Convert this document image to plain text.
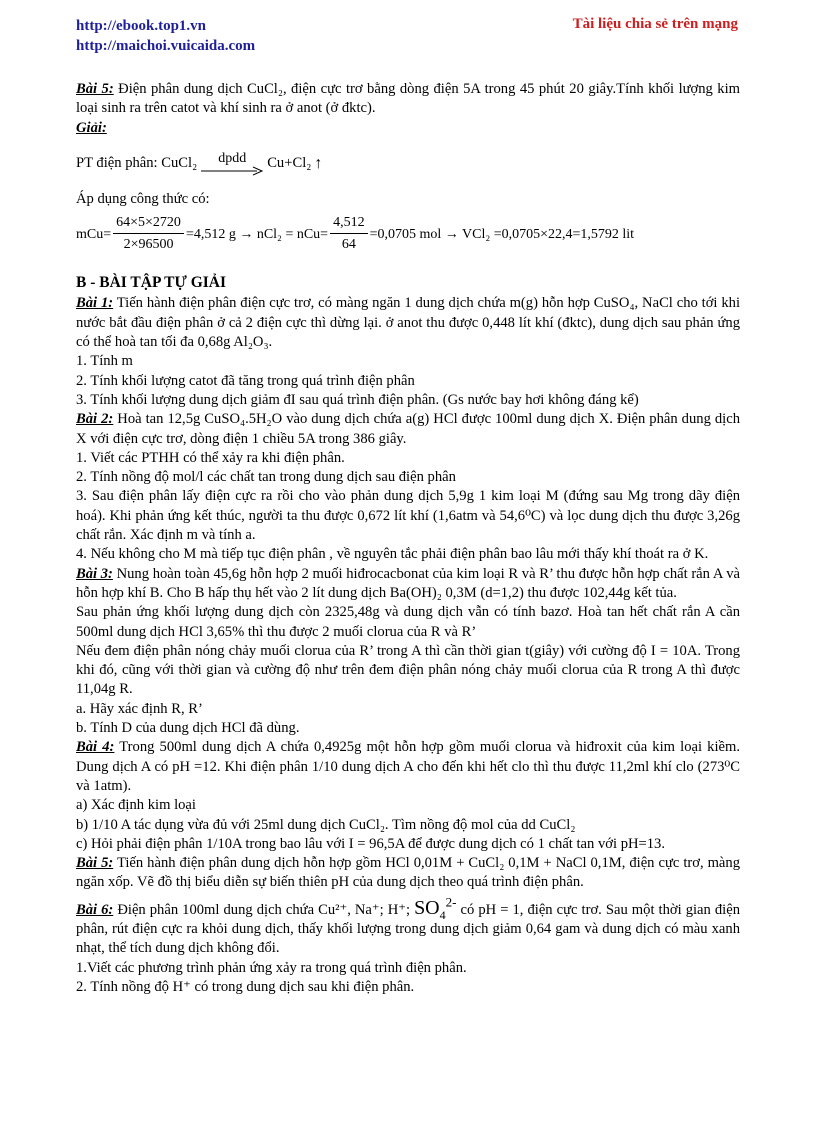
http://ebook.top1.vn
http://maichoi.vuicaida.com
Tài liệu chia sẻ trên mạng

Bài 5: Điện phân dung dịch CuCl₂, điện cực trơ bằng dòng điện 5A trong 45 phút 20 giây.Tính khối lượng kim loại sinh ra trên catot và khí sinh ra ở anot (ở đktc).

Giải:

PT điện phân:
CuCl₂ dpdd Cu+Cl₂ ↑

Áp dụng công thức có:

mCu = $\frac{64\times 5\times 2720}{2\times 96500} =4,512$ $g \to nCl_2 = nCu= \frac{4,512}{64} =0,0705$ mol → VCl₂ =0,0705×22,4=1,5792 lit
B - BÀI TẬP TỰ GIẢI

Bài 1: Tiến hành điện phân điện cực trơ, có màng ngăn 1 dung dịch chứa m(g) hỗn hợp CuSO₄, NaCl cho tới khi nước bắt đầu điện phân ở cả 2 điện cực thì dừng lại. ở anot thu được 0,448 lít khí (đktc), dung dịch sau phản ứng có thể hoà tan tối đa 0,68g Al₂O₃.

1. Tính m

2. Tính khối lượng catot đã tăng trong quá trình điện phân

3. Tính khối lượng dung dịch giảm đI sau quá trình điện phân. (Gs nước bay hơi không đáng kể)

Bài 2: Hoà tan 12,5g CuSO₄.5H₂O vào dung dịch chứa a(g) HCl được 100ml dung dịch X. Điện phân dung dịch X với điện cực trơ, dòng điện 1 chiều 5A trong 386 giây.

1. Viết các PTHH có thể xảy ra khi điện phân.

2. Tính nồng độ mol/l các chất tan trong dung dịch sau điện phân

3. Sau điện phân lấy điện cực ra rồi cho vào phản dung dịch 5,9g 1 kim loại M (đứng sau Mg trong dãy điện hoá). Khi phản ứng kết thúc, người ta thu được 0,672 lít khí (1,6atm và 54,6⁰C) và lọc dung dịch thu được 3,26g chất rắn. Xác định m và tính a.

4. Nếu không cho M mà tiếp tục điện phân , về nguyên tắc phải điện phân bao lâu mới thấy khí thoát ra ở K.

Bài 3: Nung hoàn toàn 45,6g hỗn hợp 2 muối hiđrocacbonat của kim loại R và R’ thu được hỗn hợp chất rắn A và hỗn hợp khí B. Cho B hấp thụ hết vào 2 lít dung dịch Ba(OH)₂ 0,3M (d=1,2) thu được 102,44g kết tủa.

Sau phản ứng khối lượng dung dịch còn 2325,48g và dung dịch vẫn có tính bazơ. Hoà tan hết chất rắn A cần 500ml dung dịch HCl 3,65% thì thu được 2 muối clorua của R và R’

Nếu đem điện phân nóng chảy muối clorua của R’ trong A thì cần thời gian t(giây) với cường độ I = 10A. Trong khi đó, cũng với thời gian và cường độ như trên đem điện phân nóng chảy muối clorua của R trong A thì được 11,04g R.

a. Hãy xác định R, R’

b. Tính D của dung dịch HCl đã dùng.

Bài 4: Trong 500ml dung dịch A chứa 0,4925g một hỗn hợp gồm muối clorua và hiđroxit của kim loại kiềm. Dung dịch A có pH =12. Khi điện phân 1/10 dung dịch A cho đến khi hết clo thì thu được 11,2ml khí clo (273⁰C và 1atm).

a) Xác định kim loại

b) 1/10 A tác dụng vừa đủ với 25ml dung dịch CuCl₂. Tìm nồng độ mol của dd CuCl₂

c) Hỏi phải điện phân 1/10A trong bao lâu với I = 96,5A để được dung dịch có 1 chất tan với pH=13.

Bài 5: Tiến hành điện phân dung dịch hỗn hợp gồm HCl 0,01M + CuCl₂ 0,1M + NaCl 0,1M, điện cực trơ, màng ngăn xốp. Vẽ đồ thị biểu diễn sự biến thiên pH của dung dịch theo quá trình điện phân.

Bài 6: Điện phân 100ml dung dịch chứa Cu²⁺, Na⁺; H⁺; $SO_4^{2-}$ có pH = 1, điện cực trơ. Sau một thời gian điện phân, rút điện cực ra khỏi dung dịch, thấy khối lượng trong dung dịch giảm 0,64 gam và dung dịch có màu xanh nhạt, thể tích dung dịch không đổi.

1.Viết các phương trình phản ứng xảy ra trong quá trình điện phân.

2. Tính nồng độ H⁺ có trong dung dịch sau khi điện phân.
